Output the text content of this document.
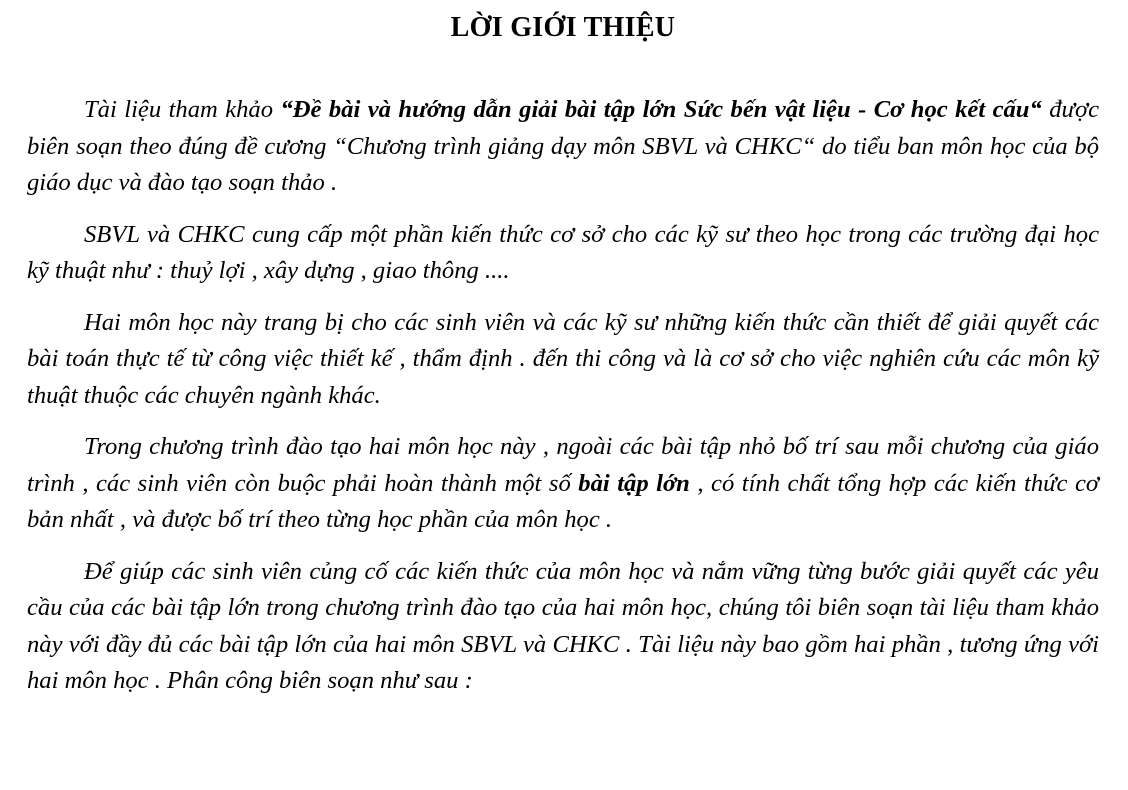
LỜI GIỚI THIỆU

Tài liệu tham khảo “Đề bài và hướng dẫn giải bài tập lớn Sức bến vật liệu - Cơ học kết cấu“ được biên soạn theo đúng đề cương “Chương trình giảng dạy môn SBVL và CHKC“ do tiểu ban môn học của bộ giáo dục và đào tạo soạn thảo .

SBVL và CHKC cung cấp một phần kiến thức cơ sở cho các kỹ sư theo học trong các trường đại học kỹ thuật như : thuỷ lợi , xây dựng , giao thông ....

Hai môn học này trang bị cho các sinh viên và các kỹ sư những kiến thức cần thiết để giải quyết các bài toán thực tế từ công việc thiết kế , thẩm định . đến thi công và là cơ sở cho việc nghiên cứu các môn kỹ thuật thuộc các chuyên ngành khác.

Trong chương trình đào tạo hai môn học này , ngoài các bài tập nhỏ bố trí sau mỗi chương của giáo trình , các sinh viên còn buộc phải hoàn thành một số bài tập lớn , có tính chất tổng hợp các kiến thức cơ bản nhất , và được bố trí theo từng học phần của môn học .

Để giúp các sinh viên củng cố các kiến thức của môn học và nắm vững từng bước giải quyết các yêu cầu của các bài tập lớn trong chương trình đào tạo của hai môn học, chúng tôi biên soạn tài liệu tham khảo này với đầy đủ các bài tập lớn của hai môn SBVL và CHKC . Tài liệu này bao gồm hai phần , tương ứng với hai môn học . Phân công biên soạn như sau :
